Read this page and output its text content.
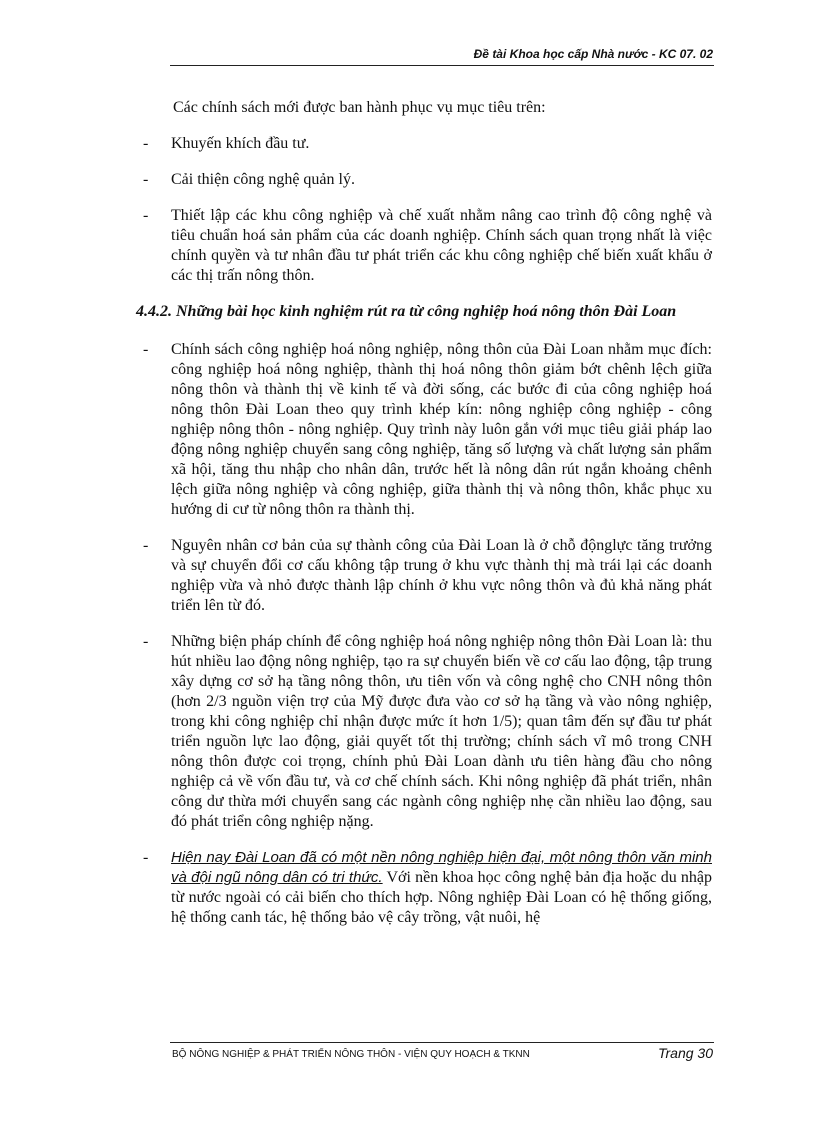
Đề tài Khoa học cấp Nhà nước - KC 07. 02

Các chính sách mới được ban hành phục vụ mục tiêu trên:

- Khuyến khích đầu tư.
- Cải thiện công nghệ quản lý.
- Thiết lập các khu công nghiệp và chế xuất nhằm nâng cao trình độ công nghệ và tiêu chuẩn hoá sản phẩm của các doanh nghiệp. Chính sách quan trọng nhất là việc chính quyền và tư nhân đầu tư phát triển các khu công nghiệp chế biến xuất khẩu ở các thị trấn nông thôn.
4.4.2. Những bài học kinh nghiệm rút ra từ công nghiệp hoá nông thôn Đài Loan
- Chính sách công nghiệp hoá nông nghiệp, nông thôn của Đài Loan nhằm mục đích: công nghiệp hoá nông nghiệp, thành thị hoá nông thôn giảm bớt chênh lệch giữa nông thôn và thành thị về kinh tế và đời sống, các bước đi của công nghiệp hoá nông thôn Đài Loan theo quy trình khép kín: nông nghiệp công nghiệp - công nghiệp nông thôn - nông nghiệp. Quy trình này luôn gắn với mục tiêu giải pháp lao động nông nghiệp chuyển sang công nghiệp, tăng số lượng và chất lượng sản phẩm xã hội, tăng thu nhập cho nhân dân, trước hết là nông dân rút ngắn khoảng chênh lệch giữa nông nghiệp và công nghiệp, giữa thành thị và nông thôn, khắc phục xu hướng di cư từ nông thôn ra thành thị.
- Nguyên nhân cơ bản của sự thành công của Đài Loan là ở chỗ độnglực tăng trưởng và sự chuyển đổi cơ cấu không tập trung ở khu vực thành thị mà trái lại các doanh nghiệp vừa và nhỏ được thành lập chính ở khu vực nông thôn và đủ khả năng phát triển lên từ đó.
- Những biện pháp chính để công nghiệp hoá nông nghiệp nông thôn Đài Loan là: thu hút nhiều lao động nông nghiệp, tạo ra sự chuyển biến về cơ cấu lao động, tập trung xây dựng cơ sở hạ tầng nông thôn, ưu tiên vốn và công nghệ cho CNH nông thôn (hơn 2/3 nguồn viện trợ của Mỹ được đưa vào cơ sở hạ tầng và vào nông nghiệp, trong khi công nghiệp chỉ nhận được mức ít hơn 1/5); quan tâm đến sự đầu tư phát triển nguồn lực lao động, giải quyết tốt thị trường; chính sách vĩ mô trong CNH nông thôn được coi trọng, chính phủ Đài Loan dành ưu tiên hàng đầu cho nông nghiệp cả về vốn đầu tư, và cơ chế chính sách. Khi nông nghiệp đã phát triển, nhân công dư thừa mới chuyển sang các ngành công nghiệp nhẹ cần nhiều lao động, sau đó phát triển công nghiệp nặng.
- Hiện nay Đài Loan đã có một nền nông nghiệp hiện đại, một nông thôn văn minh và đội ngũ nông dân có tri thức. Với nền khoa học công nghệ bản địa hoặc du nhập từ nước ngoài có cải biến cho thích hợp. Nông nghiệp Đài Loan có hệ thống giống, hệ thống canh tác, hệ thống bảo vệ cây trồng, vật nuôi, hệ
BỘ NÔNG NGHIỆP & PHÁT TRIỂN NÔNG THÔN - VIỆN QUY HOẠCH & TKNN	Trang 30
